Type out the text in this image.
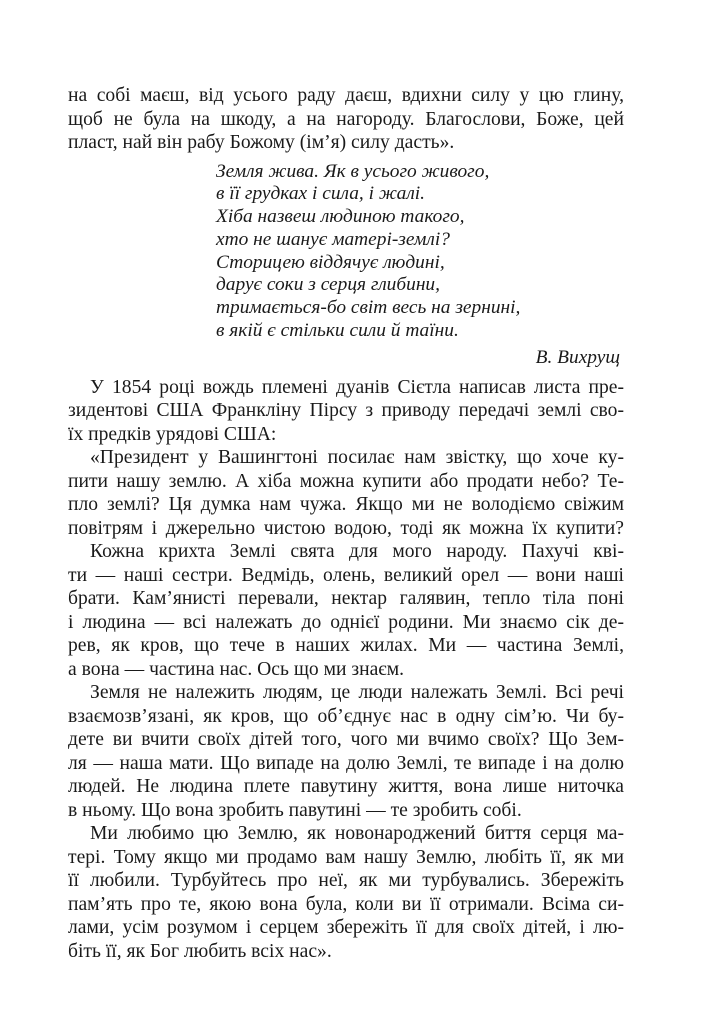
на собі маєш, від усього раду даєш, вдихни силу у цю глину,
щоб не була на шкоду, а на нагороду. Благослови, Боже, цей
пласт, най він рабу Божому (ім’я) силу дасть».
Земля жива. Як в усього живого,
в її грудках і сила, і жалі.
Хіба назвеш людиною такого,
хто не шанує матері-землі?
Сторицею віддячує людині,
дарує соки з серця глибини,
тримається-бо світ весь на зернині,
в якій є стільки сили й таїни.
В. Вихрущ
У 1854 році вождь племені дуанів Сієтла написав листа пре-
зидентові США Франкліну Пірсу з приводу передачі землі сво-
їх предків урядові США:
«Президент у Вашингтоні посилає нам звістку, що хоче ку-
пити нашу землю. А хіба можна купити або продати небо? Те-
пло землі? Ця думка нам чужа. Якщо ми не володіємо свіжим
повітрям і джерельно чистою водою, тоді як можна їх купити?
Кожна крихта Землі свята для мого народу. Пахучі кві-
ти — наші сестри. Ведмідь, олень, великий орел — вони наші
брати. Кам’янисті перевали, нектар галявин, тепло тіла поні
і людина — всі належать до однієї родини. Ми знаємо сік де-
рев, як кров, що тече в наших жилах. Ми — частина Землі,
а вона — частина нас. Ось що ми знаєм.
Земля не належить людям, це люди належать Землі. Всі речі
взаємозв’язані, як кров, що об’єднує нас в одну сім’ю. Чи бу-
дете ви вчити своїх дітей того, чого ми вчимо своїх? Що Зем-
ля — наша мати. Що випаде на долю Землі, те випаде і на долю
людей. Не людина плете павутину життя, вона лише ниточка
в ньому. Що вона зробить павутині — те зробить собі.
Ми любимо цю Землю, як новонароджений биття серця ма-
тері. Тому якщо ми продамо вам нашу Землю, любіть її, як ми
її любили. Турбуйтесь про неї, як ми турбувались. Збережіть
пам’ять про те, якою вона була, коли ви її отримали. Всіма си-
лами, усім розумом і серцем збережіть її для своїх дітей, і лю-
біть її, як Бог любить всіх нас».
